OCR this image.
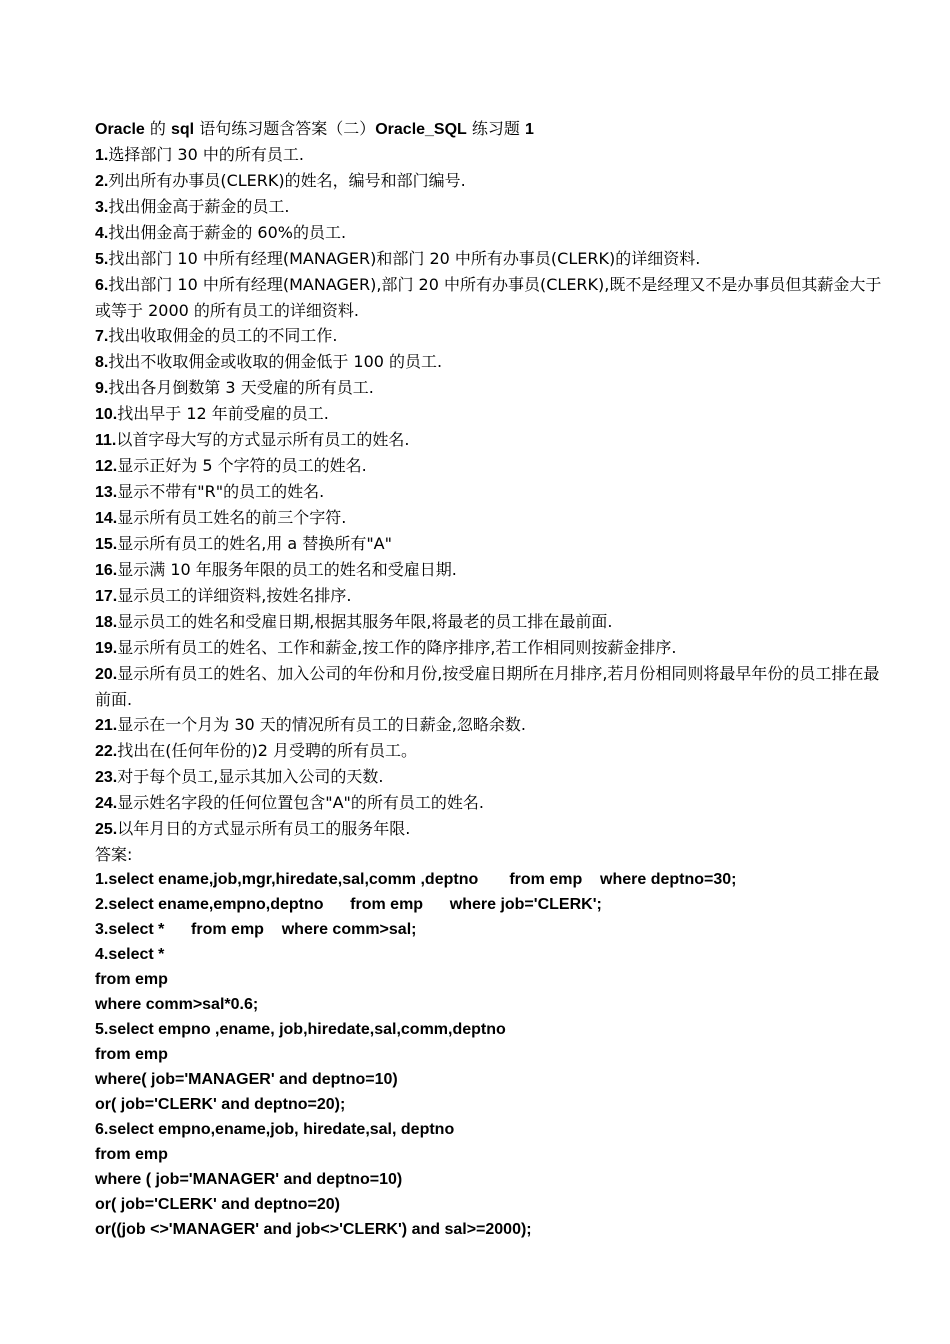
Oracle 的 sql 语句练习题含答案（二）Oracle_SQL 练习题 1
1.选择部门 30 中的所有员工.
2.列出所有办事员(CLERK)的姓名，编号和部门编号.
3.找出佣金高于薪金的员工.
4.找出佣金高于薪金的 60%的员工.
5.找出部门 10 中所有经理(MANAGER)和部门 20 中所有办事员(CLERK)的详细资料.
6.找出部门 10 中所有经理(MANAGER),部门 20 中所有办事员(CLERK),既不是经理又不是办事员但其薪金大于或等于 2000 的所有员工的详细资料.
7.找出收取佣金的员工的不同工作.
8.找出不收取佣金或收取的佣金低于 100 的员工.
9.找出各月倒数第 3 天受雇的所有员工.
10.找出早于 12 年前受雇的员工.
11.以首字母大写的方式显示所有员工的姓名.
12.显示正好为 5 个字符的员工的姓名.
13.显示不带有"R"的员工的姓名.
14.显示所有员工姓名的前三个字符.
15.显示所有员工的姓名,用 a 替换所有"A"
16.显示满 10 年服务年限的员工的姓名和受雇日期.
17.显示员工的详细资料,按姓名排序.
18.显示员工的姓名和受雇日期,根据其服务年限,将最老的员工排在最前面.
19.显示所有员工的姓名、工作和薪金,按工作的降序排序,若工作相同则按薪金排序.
20.显示所有员工的姓名、加入公司的年份和月份,按受雇日期所在月排序,若月份相同则将最早年份的员工排在最前面.
21.显示在一个月为 30 天的情况所有员工的日薪金,忽略余数.
22.找出在(任何年份的)2 月受聘的所有员工。
23.对于每个员工,显示其加入公司的天数.
24.显示姓名字段的任何位置包含"A"的所有员工的姓名.
25.以年月日的方式显示所有员工的服务年限.
答案:
1.select ename,job,mgr,hiredate,sal,comm ,deptno       from emp    where deptno=30;
2.select ename,empno,deptno      from emp      where job='CLERK';
3.select *      from emp    where comm>sal;
4.select *
from emp
where comm>sal*0.6;
5.select empno ,ename, job,hiredate,sal,comm,deptno
from emp
where( job='MANAGER' and deptno=10)
or( job='CLERK' and deptno=20);
6.select empno,ename,job, hiredate,sal, deptno
from emp
where ( job='MANAGER' and deptno=10)
or( job='CLERK' and deptno=20)
or((job <>'MANAGER' and job<>'CLERK') and sal>=2000);
